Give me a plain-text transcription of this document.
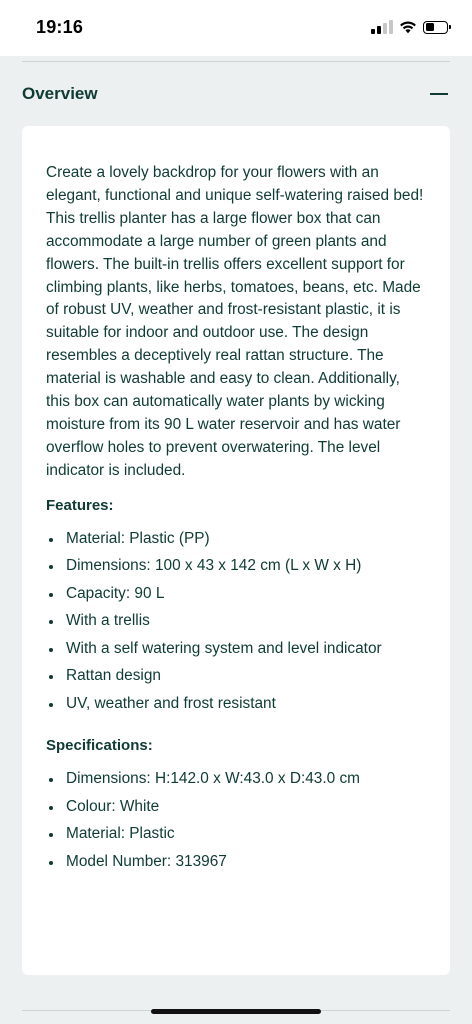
19:16
Overview

Create a lovely backdrop for your flowers with an elegant, functional and unique self-watering raised bed! This trellis planter has a large flower box that can accommodate a large number of green plants and flowers. The built-in trellis offers excellent support for climbing plants, like herbs, tomatoes, beans, etc. Made of robust UV, weather and frost-resistant plastic, it is suitable for indoor and outdoor use. The design resembles a deceptively real rattan structure. The material is washable and easy to clean. Additionally, this box can automatically water plants by wicking moisture from its 90 L water reservoir and has water overflow holes to prevent overwatering. The level indicator is included.

Features:
Material: Plastic (PP)
Dimensions: 100 x 43 x 142 cm (L x W x H)
Capacity: 90 L
With a trellis
With a self watering system and level indicator
Rattan design
UV, weather and frost resistant
Specifications:
Dimensions: H:142.0 x W:43.0 x D:43.0 cm
Colour: White
Material: Plastic
Model Number: 313967
